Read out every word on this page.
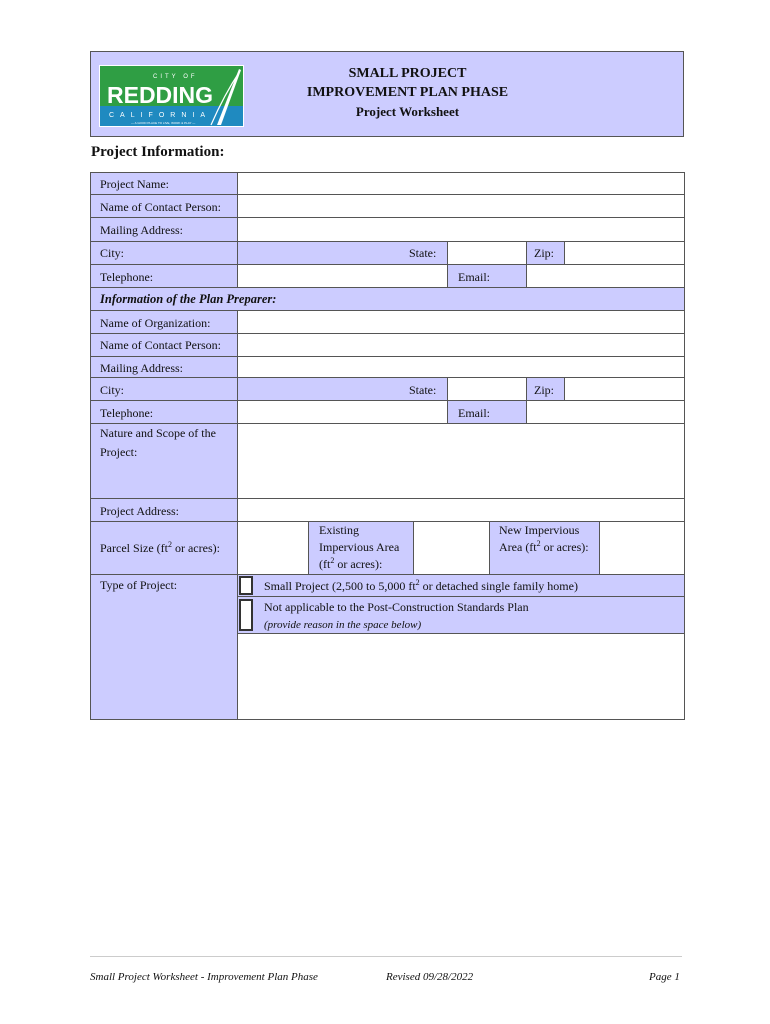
CITY OF
REDDING
CALIFORNIA
— A GOOD PLACE TO LIVE, WORK & PLAY —
SMALL PROJECT
IMPROVEMENT PLAN PHASE
Project Worksheet
Project Information:
Project Name:
Name of Contact Person:
Mailing Address:
City:	State:	Zip:
Telephone:	Email:
Information of the Plan Preparer:
Name of Organization:
Name of Contact Person:
Mailing Address:
City:	State:	Zip:
Telephone:	Email:
Nature and Scope of the
Project:
Project Address:
Parcel Size ($ft^2$ or acres):
Existing
Impervious Area
($ft^2$ or acres):
New Impervious
Area ($ft^2$ or acres):
Type of Project:	Small Project (2,500 to 5,000 $ft^2$ or detached single family home)
Not applicable to the Post-Construction Standards Plan
(provide reason in the space below)
Small Project Worksheet - Improvement Plan Phase	Revised 09/28/2022	Page 1
